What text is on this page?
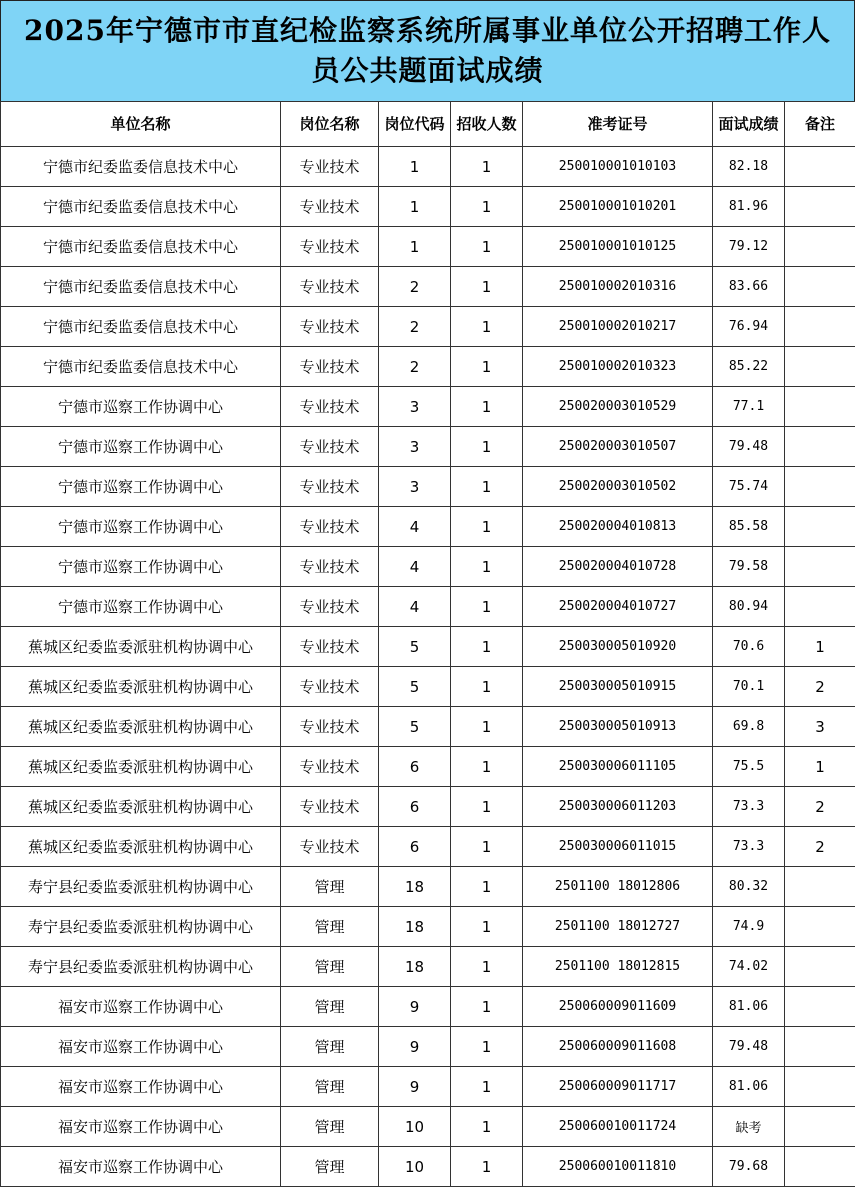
2025年宁德市市直纪检监察系统所属事业单位公开招聘工作人员公共题面试成绩
单位名称	岗位名称	岗位代码	招收人数	准考证号	面试成绩	备注
宁德市纪委监委信息技术中心	专业技术	1	1	250010001010103	82.18	
宁德市纪委监委信息技术中心	专业技术	1	1	250010001010201	81.96	
宁德市纪委监委信息技术中心	专业技术	1	1	250010001010125	79.12	
宁德市纪委监委信息技术中心	专业技术	2	1	250010002010316	83.66	
宁德市纪委监委信息技术中心	专业技术	2	1	250010002010217	76.94	
宁德市纪委监委信息技术中心	专业技术	2	1	250010002010323	85.22	
宁德市巡察工作协调中心	专业技术	3	1	250020003010529	77.1	
宁德市巡察工作协调中心	专业技术	3	1	250020003010507	79.48	
宁德市巡察工作协调中心	专业技术	3	1	250020003010502	75.74	
宁德市巡察工作协调中心	专业技术	4	1	250020004010813	85.58	
宁德市巡察工作协调中心	专业技术	4	1	250020004010728	79.58	
宁德市巡察工作协调中心	专业技术	4	1	250020004010727	80.94	
蕉城区纪委监委派驻机构协调中心	专业技术	5	1	250030005010920	70.6	1
蕉城区纪委监委派驻机构协调中心	专业技术	5	1	250030005010915	70.1	2
蕉城区纪委监委派驻机构协调中心	专业技术	5	1	250030005010913	69.8	3
蕉城区纪委监委派驻机构协调中心	专业技术	6	1	250030006011105	75.5	1
蕉城区纪委监委派驻机构协调中心	专业技术	6	1	250030006011203	73.3	2
蕉城区纪委监委派驻机构协调中心	专业技术	6	1	250030006011015	73.3	2
寿宁县纪委监委派驻机构协调中心	管理	18	1	2501100 18012806	80.32	
寿宁县纪委监委派驻机构协调中心	管理	18	1	2501100 18012727	74.9	
寿宁县纪委监委派驻机构协调中心	管理	18	1	2501100 18012815	74.02	
福安市巡察工作协调中心	管理	9	1	250060009011609	81.06	
福安市巡察工作协调中心	管理	9	1	250060009011608	79.48	
福安市巡察工作协调中心	管理	9	1	250060009011717	81.06	
福安市巡察工作协调中心	管理	10	1	250060010011724	缺考	
福安市巡察工作协调中心	管理	10	1	250060010011810	79.68	
